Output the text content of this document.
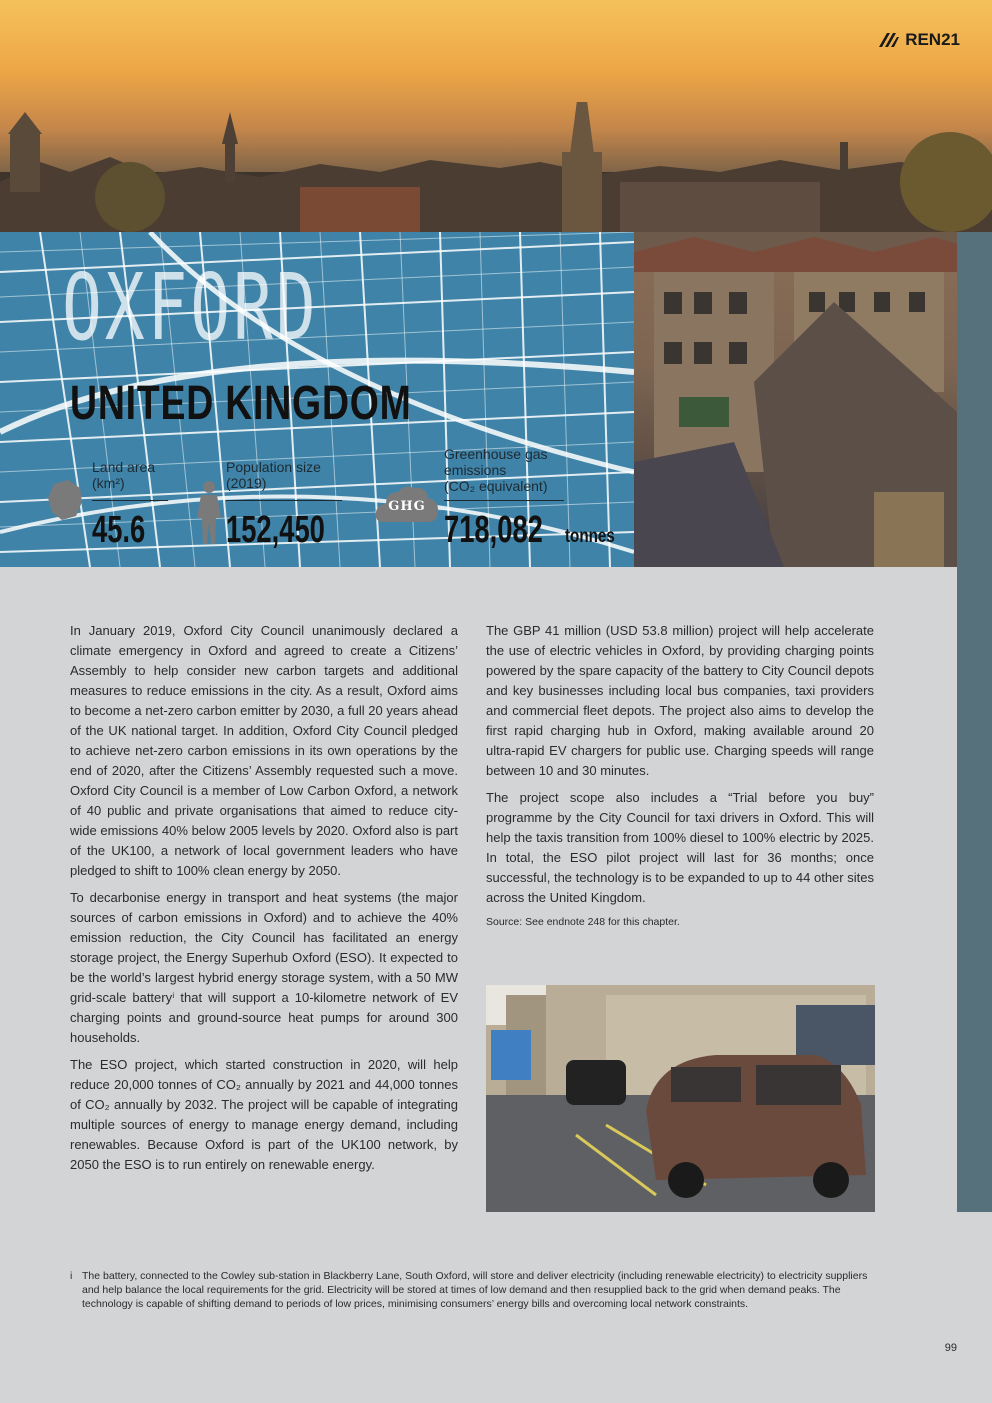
REN21
OXFORD
UNITED KINGDOM
Land area
(km²)
45.6
Population size
(2019)
152,450
GHG
Greenhouse gas
emissions
(CO₂ equivalent)
718,082 tonnes

In January 2019, Oxford City Council unanimously declared a climate emergency in Oxford and agreed to create a Citizens’ Assembly to help consider new carbon targets and additional measures to reduce emissions in the city. As a result, Oxford aims to become a net-zero carbon emitter by 2030, a full 20 years ahead of the UK national target. In addition, Oxford City Council pledged to achieve net-zero carbon emissions in its own operations by the end of 2020, after the Citizens’ Assembly requested such a move. Oxford City Council is a member of Low Carbon Oxford, a network of 40 public and private organisations that aimed to reduce city-wide emissions 40% below 2005 levels by 2020. Oxford also is part of the UK100, a network of local government leaders who have pledged to shift to 100% clean energy by 2050.

To decarbonise energy in transport and heat systems (the major sources of carbon emissions in Oxford) and to achieve the 40% emission reduction, the City Council has facilitated an energy storage project, the Energy Superhub Oxford (ESO). It expected to be the world’s largest hybrid energy storage system, with a 50 MW grid-scale batteryⁱ that will support a 10-kilometre network of EV charging points and ground-source heat pumps for around 300 households.

The ESO project, which started construction in 2020, will help reduce 20,000 tonnes of CO₂ annually by 2021 and 44,000 tonnes of CO₂ annually by 2032. The project will be capable of integrating multiple sources of energy to manage energy demand, including renewables. Because Oxford is part of the UK100 network, by 2050 the ESO is to run entirely on renewable energy.

The GBP 41 million (USD 53.8 million) project will help accelerate the use of electric vehicles in Oxford, by providing charging points powered by the spare capacity of the battery to City Council depots and key businesses including local bus companies, taxi providers and commercial fleet depots. The project also aims to develop the first rapid charging hub in Oxford, making available around 20 ultra-rapid EV chargers for public use. Charging speeds will range between 10 and 30 minutes.

The project scope also includes a “Trial before you buy” programme by the City Council for taxi drivers in Oxford. This will help the taxis transition from 100% diesel to 100% electric by 2025. In total, the ESO pilot project will last for 36 months; once successful, the technology is to be expanded to up to 44 other sites across the United Kingdom.

Source: See endnote 248 for this chapter.
i The battery, connected to the Cowley sub-station in Blackberry Lane, South Oxford, will store and deliver electricity (including renewable electricity) to electricity suppliers and help balance the local requirements for the grid. Electricity will be stored at times of low demand and then resupplied back to the grid when demand peaks. The technology is capable of shifting demand to periods of low prices, minimising consumers’ energy bills and overcoming local network constraints.
99
